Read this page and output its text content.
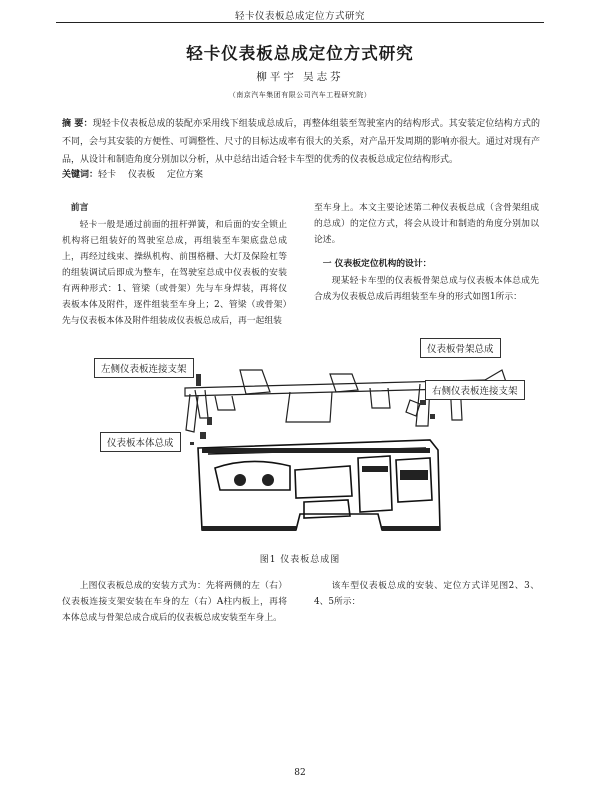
轻卡仪表板总成定位方式研究
轻卡仪表板总成定位方式研究
柳平宇 吴志芬
（南京汽车集团有限公司汽车工程研究院）
摘 要：现轻卡仪表板总成的装配亦采用线下组装成总成后，再整体组装至驾驶室内的结构形式。其安装定位结构方式的不同，会与其安装的方便性、可调整性、尺寸的目标达成率有很大的关系，对产品开发周期的影响亦很大。通过对现有产品，从设计和制造角度分别加以分析，从中总结出适合轻卡车型的优秀的仪表板总成定位结构形式。
关键词：轻卡 仪表板 定位方案
前言

轻卡一般是通过前面的扭杆弹簧，和后面的安全锁止机构将已组装好的驾驶室总成，再组装至车架底盘总成上，再经过线束、操纵机构、前围格栅、大灯及保险杠等的组装调试后即成为整车，在驾驶室总成中仪表板的安装有两种形式：1、管梁（或骨架）先与车身焊装，再将仪表板本体及附件，逐件组装至车身上；2、管梁（或骨架）先与仪表板本体及附件组装成仪表板总成后，再一起组装

至车身上。本文主要论述第二种仪表板总成（含骨架组成的总成）的定位方式，将会从设计和制造的角度分别加以论述。

一 仪表板定位机构的设计：

现某轻卡车型的仪表板骨架总成与仪表板本体总成先合成为仪表板总成后再组装至车身的形式如图1所示：

左侧仪表板连接支架
仪表板骨架总成
右侧仪表板连接支架
仪表板本体总成
图1 仪表板总成图

上图仪表板总成的安装方式为：先将两侧的左（右）仪表板连接支架安装在车身的左（右）A柱内板上，再将本体总成与骨架总成合成后的仪表板总成安装至车身上。

该车型仪表板总成的安装、定位方式详见图2、3、4、5所示：

82
